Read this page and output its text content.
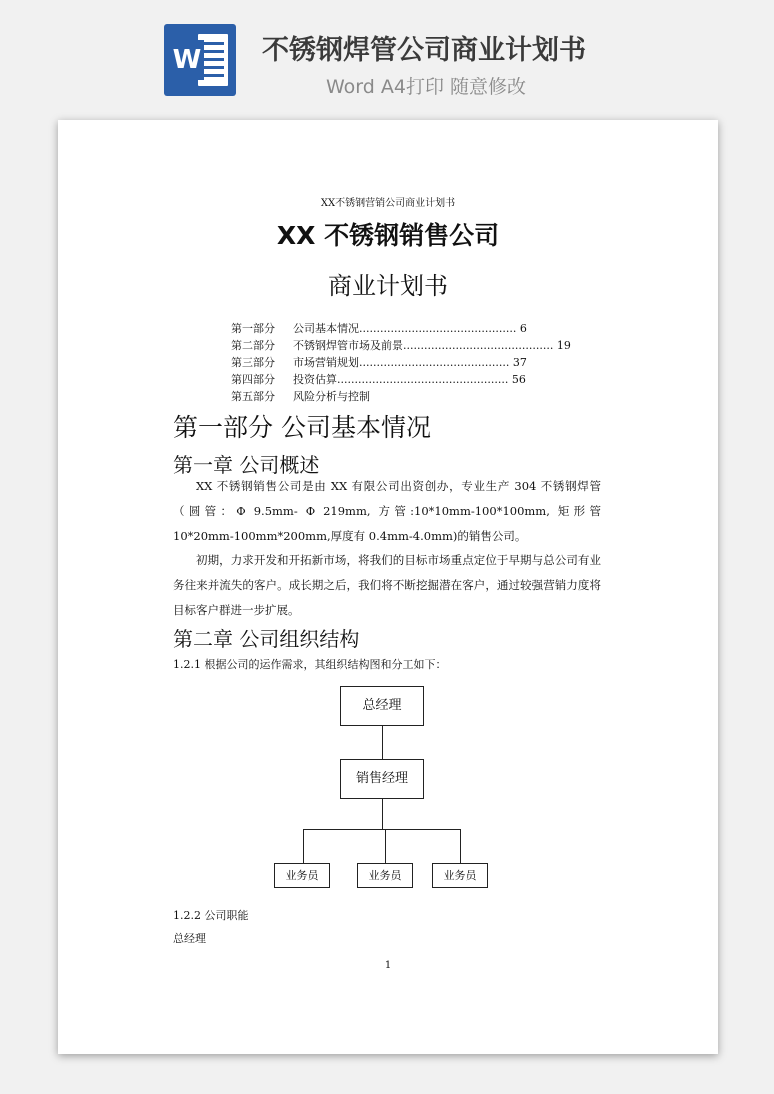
W 不锈钢焊管公司商业计划书
Word A4打印 随意修改
XX不锈钢营销公司商业计划书
XX 不锈钢销售公司
商业计划书
第一部分 公司基本情况............................................. 6
第二部分 不锈钢焊管市场及前景........................................... 19
第三部分 市场营销规划........................................... 37
第四部分 投资估算................................................. 56
第五部分 风险分析与控制
第一部分 公司基本情况
第一章 公司概述
XX 不锈钢销售公司是由 XX 有限公司出资创办，专业生产 304 不锈钢焊管（圆管：Φ 9.5mm- Φ 219mm, 方管:10*10mm-100*100mm, 矩形管 10*20mm-100mm*200mm,厚度有 0.4mm-4.0mm)的销售公司。
初期，力求开发和开拓新市场，将我们的目标市场重点定位于早期与总公司有业务往来并流失的客户。成长期之后，我们将不断挖掘潜在客户，通过较强营销力度将目标客户群进一步扩展。
第二章 公司组织结构
1.2.1 根据公司的运作需求，其组织结构图和分工如下：
总经理
销售经理
业务员	业务员	业务员
1.2.2 公司职能
总经理
1
